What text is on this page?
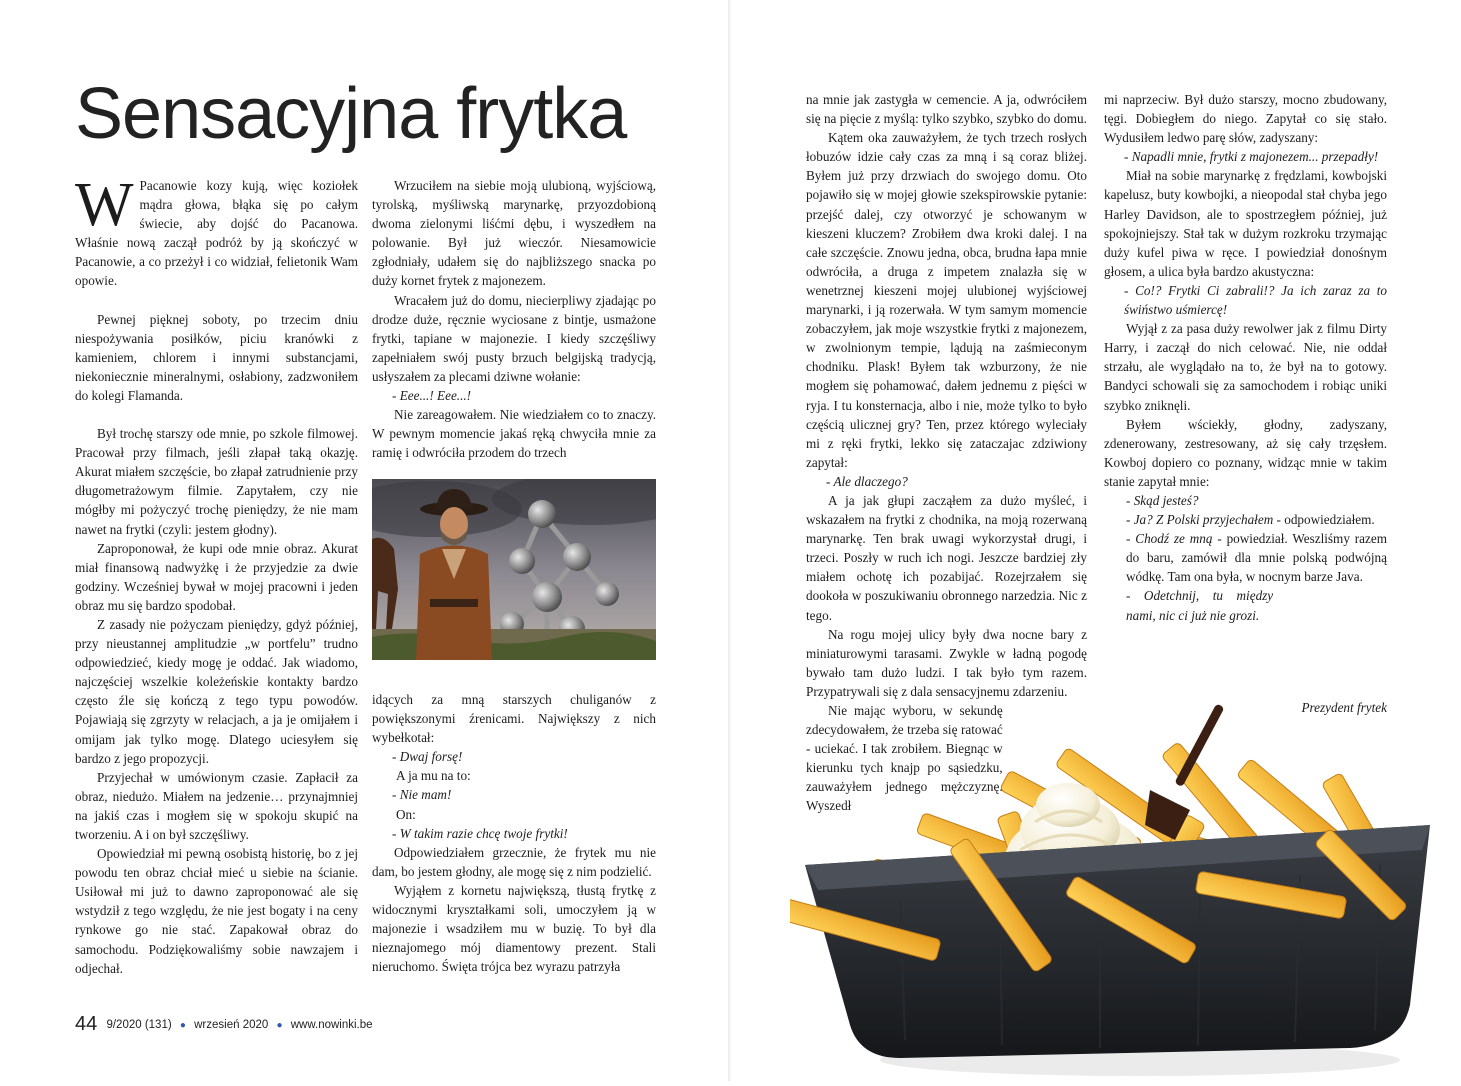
Sensacyjna frytka

W Pacanowie kozy kują, więc koziołek mądra głowa, błąka się po całym świecie, aby dojść do Pacanowa. Właśnie nową zaczął podróż by ją skończyć w Pacanowie, a co przeżył i co widział, felietonik Wam opowie.

Pewnej pięknej soboty, po trzecim dniu niespożywania posiłków, piciu kranówki z kamieniem, chlorem i innymi substancjami, niekoniecznie mineralnymi, osłabiony, zadzwoniłem do kolegi Flamanda.

Był trochę starszy ode mnie, po szkole filmowej. Pracował przy filmach, jeśli złapał taką okazję. Akurat miałem szczęście, bo złapał zatrudnienie przy długometrażowym filmie. Zapytałem, czy nie mógłby mi pożyczyć trochę pieniędzy, że nie mam nawet na frytki (czyli: jestem głodny).

Zaproponował, że kupi ode mnie obraz. Akurat miał finansową nadwyżkę i że przyjedzie za dwie godziny. Wcześniej bywał w mojej pracowni i jeden obraz mu się bardzo spodobał.

Z zasady nie pożyczam pieniędzy, gdyż później, przy nieustannej amplitudzie „w portfelu” trudno odpowiedzieć, kiedy mogę je oddać. Jak wiadomo, najczęściej wszelkie koleżeńskie kontakty bardzo często źle się kończą z tego typu powodów. Pojawiają się zgrzyty w relacjach, a ja je omijałem i omijam jak tylko mogę. Dlatego uciesyłem się bardzo z jego propozycji.

Przyjechał w umówionym czasie. Zapłacił za obraz, niedużo. Miałem na jedzenie… przynajmniej na jakiś czas i mogłem się w spokoju skupić na tworzeniu. A i on był szczęśliwy.

Opowiedział mi pewną osobistą historię, bo z jej powodu ten obraz chciał mieć u siebie na ścianie. Usiłował mi już to dawno zaproponować ale się wstydził z tego względu, że nie jest bogaty i na ceny rynkowe go nie stać. Zapakował obraz do samochodu. Podziękowaliśmy sobie nawzajem i odjechał.

Wrzuciłem na siebie moją ulubioną, wyjściową, tyrolską, myśliwską marynarkę, przyozdobioną dwoma zielonymi liśćmi dębu, i wyszedłem na polowanie. Był już wieczór. Niesamowicie zgłodniały, udałem się do najbliższego snacka po duży kornet frytek z majonezem.

Wracałem już do domu, niecierpliwy zjadając po drodze duże, ręcznie wyciosane z bintje, usmażone frytki, tapiane w majonezie. I kiedy szczęśliwy zapełniałem swój pusty brzuch belgijską tradycją, usłyszałem za plecami dziwne wołanie:

- Eee...! Eee...!

Nie zareagowałem. Nie wiedziałem co to znaczy. W pewnym momencie jakaś ręką chwyciła mnie za ramię i odwróciła przodem do trzech

idących za mną starszych chuliganów z powiększonymi źrenicami. Największy z nich wybełkotał:

- Dwaj forsę!

A ja mu na to:

- Nie mam!

On:

- W takim razie chcę twoje frytki!

Odpowiedziałem grzecznie, że frytek mu nie dam, bo jestem głodny, ale mogę się z nim podzielić.

Wyjąłem z kornetu największą, tłustą frytkę z widocznymi kryształkami soli, umoczyłem ją w majonezie i wsadziłem mu w buzię. To był dla nieznajomego mój diamentowy prezent. Stali nieruchomo. Święta trójca bez wyrazu patrzyła

44 9/2020 (131) ● wrzesień 2020 ● www.nowinki.be

na mnie jak zastygła w cemencie. A ja, odwróciłem się na pięcie z myślą: tylko szybko, szybko do domu.

Kątem oka zauważyłem, że tych trzech rosłych łobuzów idzie cały czas za mną i są coraz bliżej. Byłem już przy drzwiach do swojego domu. Oto pojawiło się w mojej głowie szekspirowskie pytanie: przejść dalej, czy otworzyć je schowanym w kieszeni kluczem? Zrobiłem dwa kroki dalej. I na całe szczęście. Znowu jedna, obca, brudna łapa mnie odwróciła, a druga z impetem znalazła się w wenetrznej kieszeni mojej ulubionej wyjściowej marynarki, i ją rozerwała. W tym samym momencie zobaczyłem, jak moje wszystkie frytki z majonezem, w zwolnionym tempie, lądują na zaśmieconym chodniku. Plask! Byłem tak wzburzony, że nie mogłem się pohamować, dałem jednemu z pięści w ryja. I tu konsternacja, albo i nie, może tylko to było częścią ulicznej gry? Ten, przez którego wyleciały mi z ręki frytki, lekko się zataczajac zdziwiony zapytał:

- Ale dlaczego?

A ja jak głupi zacząłem za dużo myśleć, i wskazałem na frytki z chodnika, na moją rozerwaną marynarkę. Ten brak uwagi wykorzystał drugi, i trzeci. Poszły w ruch ich nogi. Jeszcze bardziej zły miałem ochotę ich pozabijać. Rozejrzałem się dookoła w poszukiwaniu obronnego narzedzia. Nic z tego.

Na rogu mojej ulicy były dwa nocne bary z miniaturowymi tarasami. Zwykle w ładną pogodę bywało tam dużo ludzi. I tak było tym razem. Przypatrywali się z dala sensacyjnemu zdarzeniu.

Nie mając wyboru, w sekundę zdecydowałem, że trzeba się ratować - uciekać. I tak zrobiłem. Biegnąc w kierunku tych knajp po sąsiedzku, zauważyłem jednego mężczyznę. Wyszedł

mi naprzeciw. Był dużo starszy, mocno zbudowany, tęgi. Dobiegłem do niego. Zapytał co się stało. Wydusiłem ledwo parę słów, zadyszany:

- Napadli mnie, frytki z majonezem... przepadły!

Miał na sobie marynarkę z frędzlami, kowbojski kapelusz, buty kowbojki, a nieopodal stał chyba jego Harley Davidson, ale to spostrzegłem później, już spokojniejszy. Stał tak w dużym rozkroku trzymając duży kufel piwa w ręce. I powiedział donośnym głosem, a ulica była bardzo akustyczna:

- Co!? Frytki Ci zabrali!? Ja ich zaraz za to świństwo uśmiercę!

Wyjął z za pasa duży rewolwer jak z filmu Dirty Harry, i zaczął do nich celować. Nie, nie oddał strzału, ale wyglądało na to, że był na to gotowy. Bandyci schowali się za samochodem i robiąc uniki szybko zniknęli.

Byłem wściekły, głodny, zadyszany, zdenerowany, zestresowany, aż się cały trzęsłem. Kowboj dopiero co poznany, widząc mnie w takim stanie zapytał mnie:

- Skąd jesteś?

- Ja? Z Polski przyjechałem - odpowiedziałem.

- Chodź ze mną - powiedział. Weszliśmy razem do baru, zamówił dla mnie polską podwójną wódkę. Tam ona była, w nocnym barze Java.

- Odetchnij, tu między nami, nic ci już nie grozi.

Prezydent frytek
